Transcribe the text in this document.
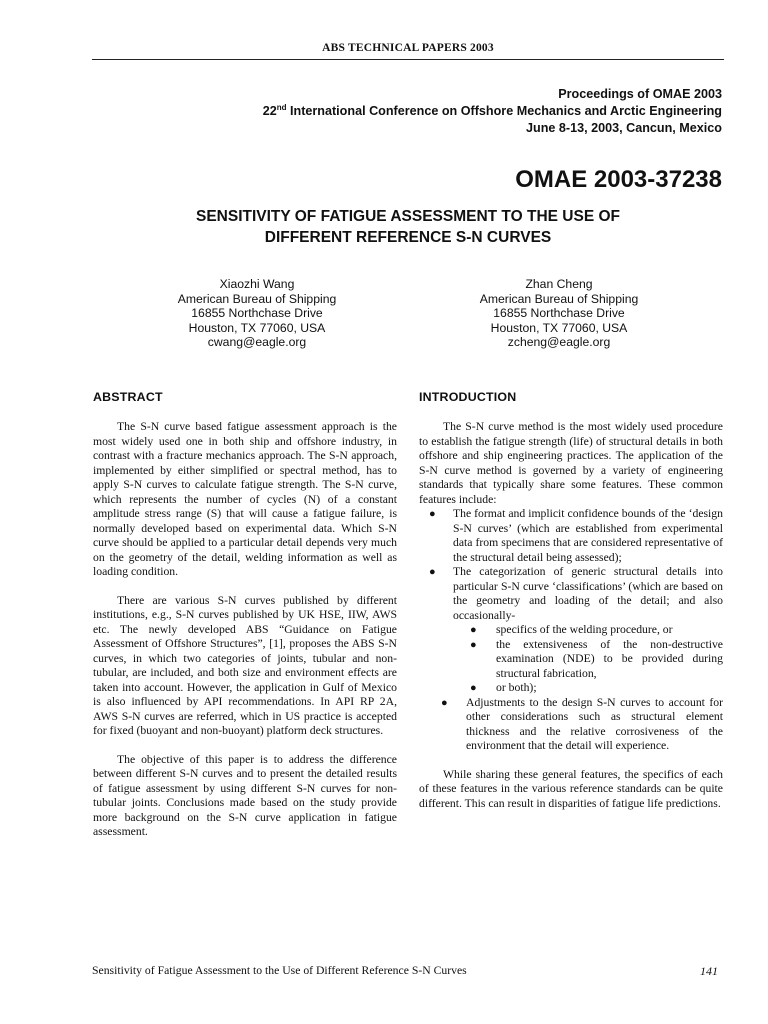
ABS TECHNICAL PAPERS 2003
Proceedings of OMAE 2003
22nd International Conference on Offshore Mechanics and Arctic Engineering
June 8-13, 2003, Cancun, Mexico
OMAE 2003-37238
SENSITIVITY OF FATIGUE ASSESSMENT TO THE USE OF
DIFFERENT REFERENCE S-N CURVES
Xiaozhi Wang
American Bureau of Shipping
16855 Northchase Drive
Houston, TX 77060, USA
cwang@eagle.org
Zhan Cheng
American Bureau of Shipping
16855 Northchase Drive
Houston, TX 77060, USA
zcheng@eagle.org
ABSTRACT	INTRODUCTION

The S-N curve based fatigue assessment approach is the most widely used one in both ship and offshore industry, in contrast with a fracture mechanics approach. The S-N approach, implemented by either simplified or spectral method, has to apply S-N curves to calculate fatigue strength. The S-N curve, which represents the number of cycles (N) of a constant amplitude stress range (S) that will cause a fatigue failure, is normally developed based on experimental data. Which S-N curve should be applied to a particular detail depends very much on the geometry of the detail, welding information as well as loading condition.

There are various S-N curves published by different institutions, e.g., S-N curves published by UK HSE, IIW, AWS etc. The newly developed ABS “Guidance on Fatigue Assessment of Offshore Structures”, [1], proposes the ABS S-N curves, in which two categories of joints, tubular and non-tubular, are included, and both size and environment effects are taken into account. However, the application in Gulf of Mexico is also influenced by API recommendations. In API RP 2A, AWS S-N curves are referred, which in US practice is accepted for fixed (buoyant and non-buoyant) platform deck structures.

The objective of this paper is to address the difference between different S-N curves and to present the detailed results of fatigue assessment by using different S-N curves for non-tubular joints. Conclusions made based on the study provide more background on the S-N curve application in fatigue assessment.

The S-N curve method is the most widely used procedure to establish the fatigue strength (life) of structural details in both offshore and ship engineering practices. The application of the S-N curve method is governed by a variety of engineering standards that typically share some features. These common features include:

● The format and implicit confidence bounds of the ‘design S-N curves’ (which are established from experimental data from specimens that are considered representative of the structural detail being assessed);
● The categorization of generic structural details into particular S-N curve ‘classifications’ (which are based on the geometry and loading of the detail; and also occasionally-
● specifics of the welding procedure, or
● the extensiveness of the non-destructive examination (NDE) to be provided during structural fabrication,
● or both);
● Adjustments to the design S-N curves to account for other considerations such as structural element thickness and the relative corrosiveness of the environment that the detail will experience.

While sharing these general features, the specifics of each of these features in the various reference standards can be quite different. This can result in disparities of fatigue life predictions.

Sensitivity of Fatigue Assessment to the Use of Different Reference S-N Curves	141
